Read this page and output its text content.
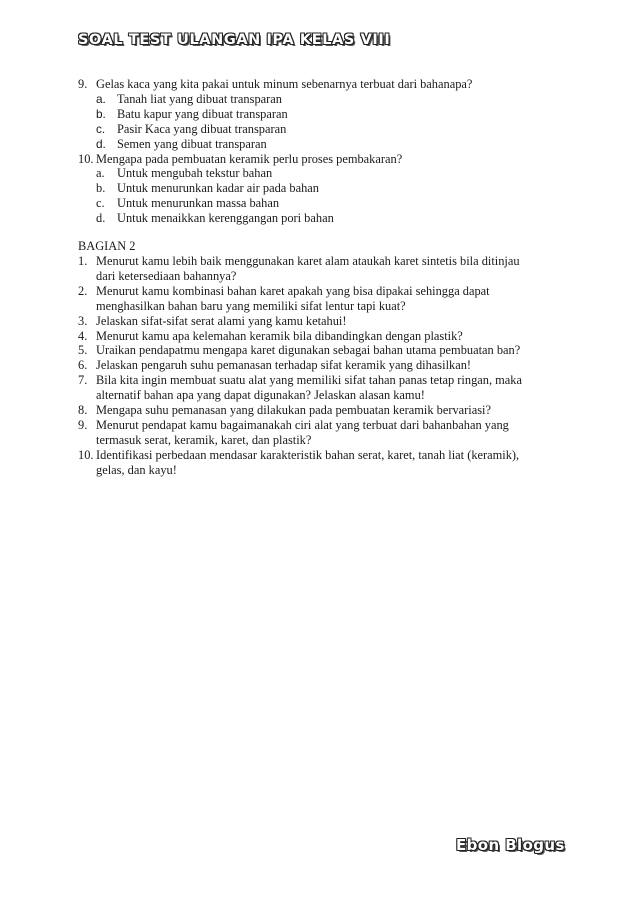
SOAL TEST ULANGAN IPA KELAS VIII
9. Gelas kaca yang kita pakai untuk minum sebenarnya terbuat dari bahanapa?
a. Tanah liat yang dibuat transparan
b. Batu kapur yang dibuat transparan
c. Pasir Kaca yang dibuat transparan
d. Semen yang dibuat transparan
10. Mengapa pada pembuatan keramik perlu proses pembakaran?
a. Untuk mengubah tekstur bahan
b. Untuk menurunkan kadar air pada bahan
c. Untuk menurunkan massa bahan
d. Untuk menaikkan kerenggangan pori bahan
BAGIAN 2
1. Menurut kamu lebih baik menggunakan karet alam ataukah karet sintetis bila ditinjau
dari ketersediaan bahannya?
2. Menurut kamu kombinasi bahan karet apakah yang bisa dipakai sehingga dapat
menghasilkan bahan baru yang memiliki sifat lentur tapi kuat?
3. Jelaskan sifat-sifat serat alami yang kamu ketahui!
4. Menurut kamu apa kelemahan keramik bila dibandingkan dengan plastik?
5. Uraikan pendapatmu mengapa karet digunakan sebagai bahan utama pembuatan ban?
6. Jelaskan pengaruh suhu pemanasan terhadap sifat keramik yang dihasilkan!
7. Bila kita ingin membuat suatu alat yang memiliki sifat tahan panas tetap ringan, maka
alternatif bahan apa yang dapat digunakan? Jelaskan alasan kamu!
8. Mengapa suhu pemanasan yang dilakukan pada pembuatan keramik bervariasi?
9. Menurut pendapat kamu bagaimanakah ciri alat yang terbuat dari bahanbahan yang
termasuk serat, keramik, karet, dan plastik?
10. Identifikasi perbedaan mendasar karakteristik bahan serat, karet, tanah liat (keramik),
gelas, dan kayu!
Ebon Blogus
